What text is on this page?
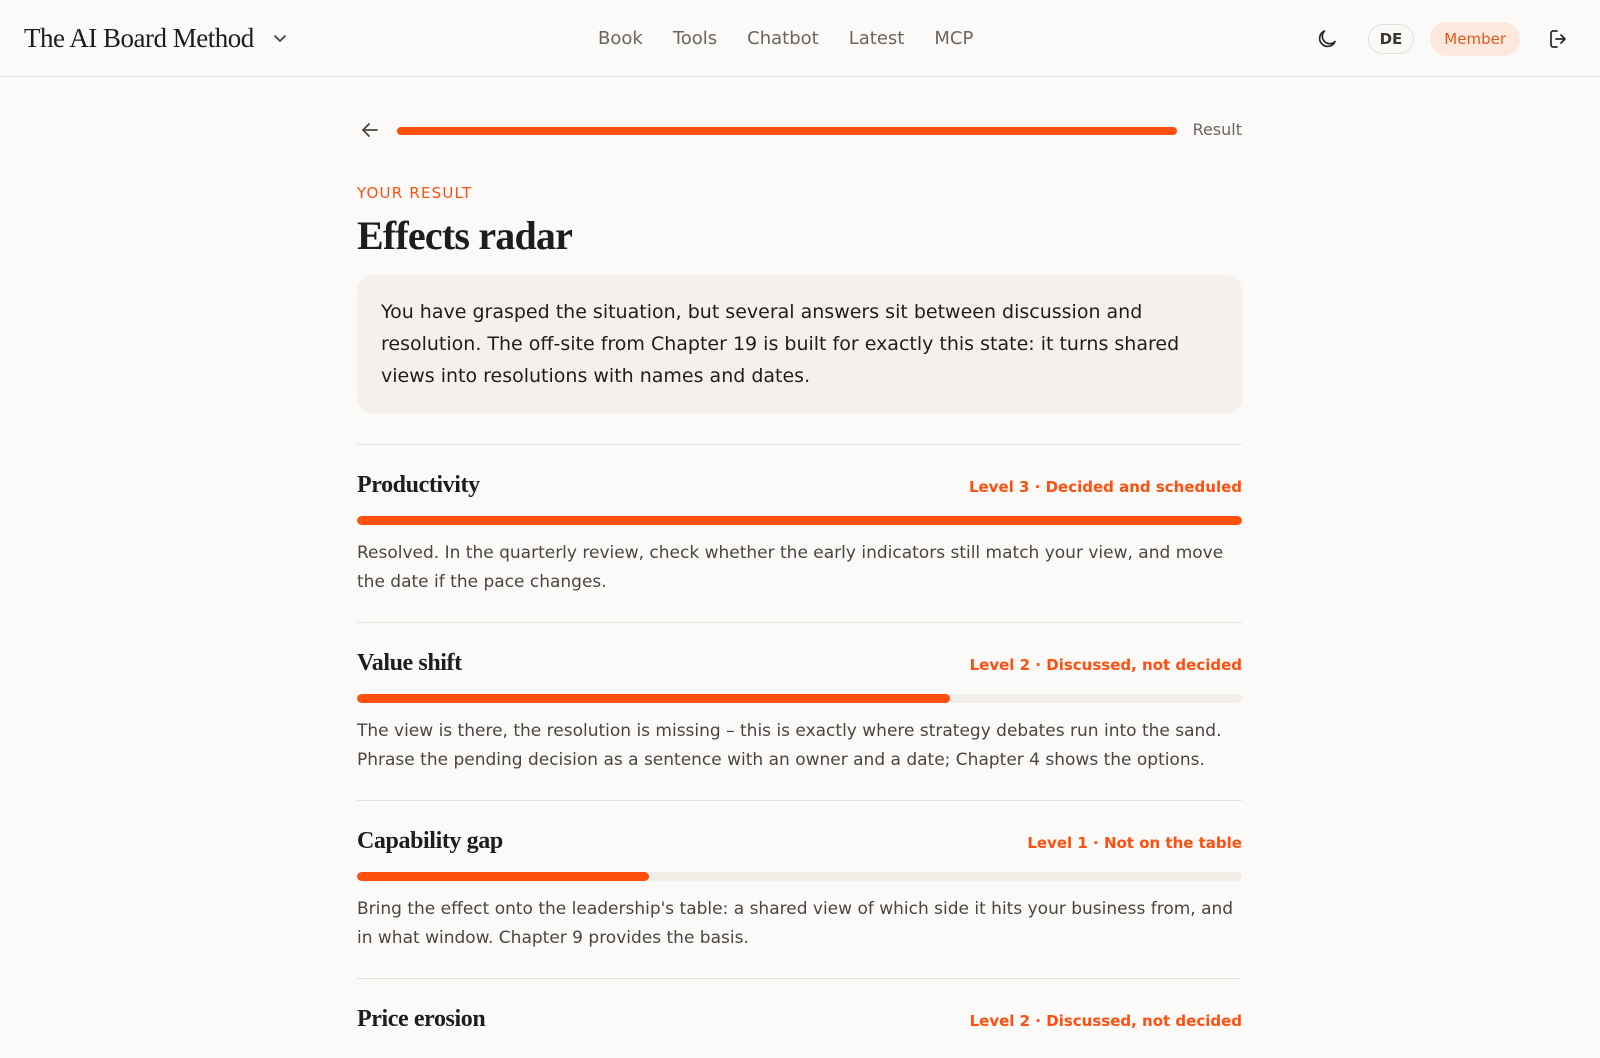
The AI Board Method	Book Tools Chatbot Latest MCP	DE	Member
Result
YOUR RESULT
Effects radar
You have grasped the situation, but several answers sit between discussion and resolution. The off-site from Chapter 19 is built for exactly this state: it turns shared views into resolutions with names and dates.
Productivity	Level 3 · Decided and scheduled

Resolved. In the quarterly review, check whether the early indicators still match your view, and move the date if the pace changes.

Value shift	Level 2 · Discussed, not decided

The view is there, the resolution is missing – this is exactly where strategy debates run into the sand. Phrase the pending decision as a sentence with an owner and a date; Chapter 4 shows the options.

Capability gap	Level 1 · Not on the table

Bring the effect onto the leadership's table: a shared view of which side it hits your business from, and in what window. Chapter 9 provides the basis.

Price erosion	Level 2 · Discussed, not decided
